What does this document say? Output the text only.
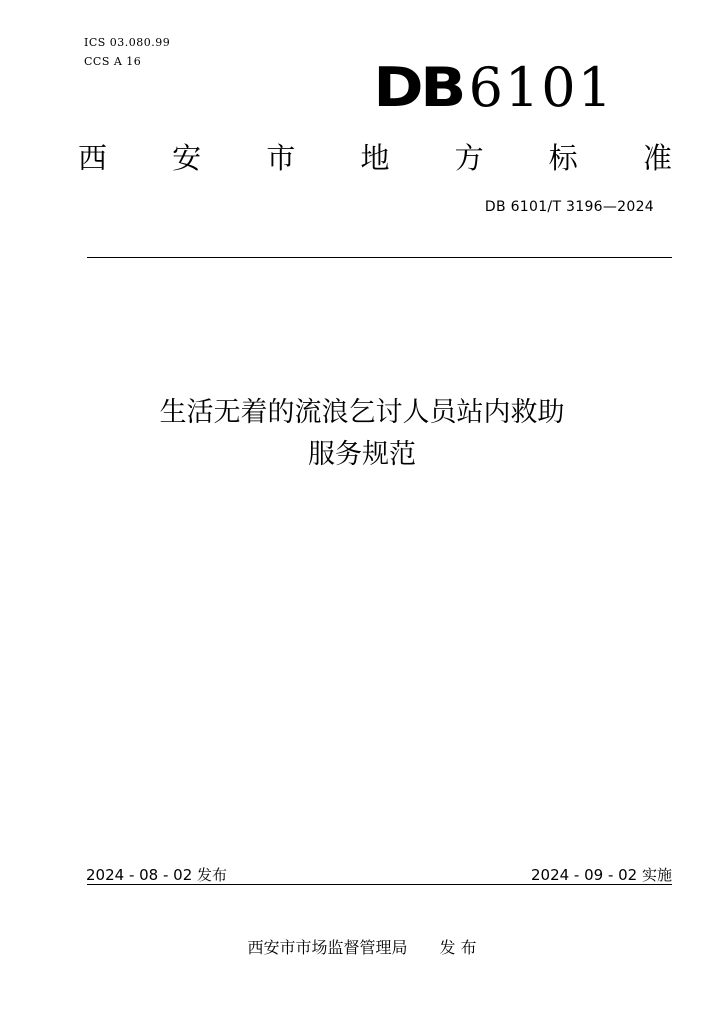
ICS 03.080.99
CCS A 16	DB 6101
西 安 市 地 方 标 准
DB 6101/T 3196—2024
生活无着的流浪乞讨人员站内救助
服务规范
2024 - 08 - 02 发布	2024 - 09 - 02 实施
西安市市场监督管理局 发 布
